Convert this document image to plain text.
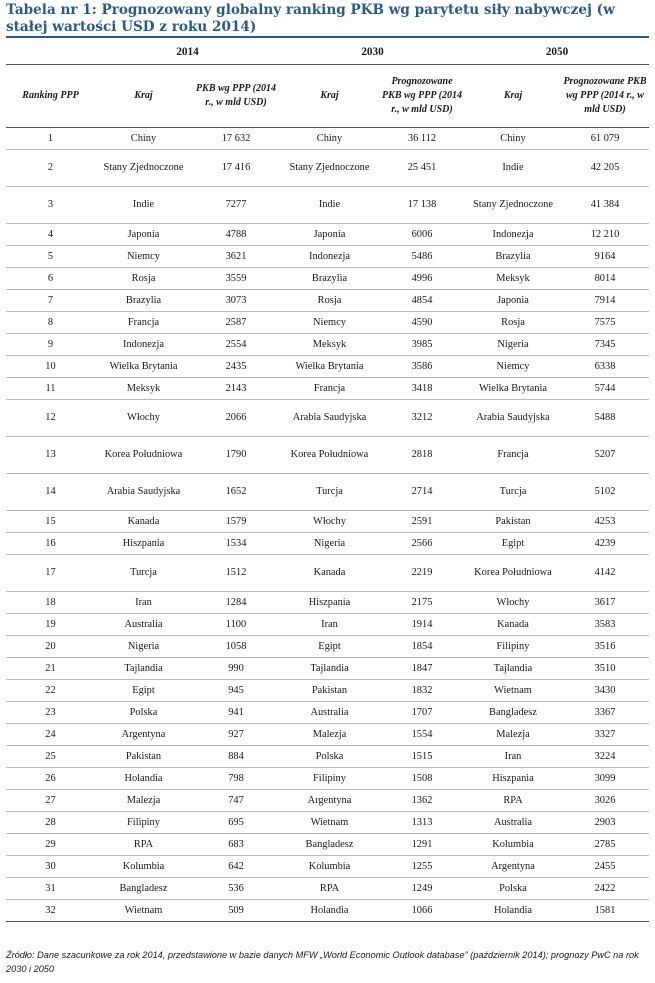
Tabela nr 1: Prognozowany globalny ranking PKB wg parytetu siły nabywczej (w stałej wartości USD z roku 2014)
	2014		2030		2050	
Ranking PPP	Kraj	PKB wg PPP (2014 r., w mld USD)	Kraj	Prognozowane PKB wg PPP (2014 r., w mld USD)	Kraj	Prognozowane PKB wg PPP (2014 r., w mld USD)
1	Chiny	17 632	Chiny	36 112	Chiny	61 079
2	Stany Zjednoczone	17 416	Stany Zjednoczone	25 451	Indie	42 205
3	Indie	7277	Indie	17 138	Stany Zjednoczone	41 384
4	Japonia	4788	Japonia	6006	Indonezja	12 210
5	Niemcy	3621	Indonezja	5486	Brazylia	9164
6	Rosja	3559	Brazylia	4996	Meksyk	8014
7	Brazylia	3073	Rosja	4854	Japonia	7914
8	Francja	2587	Niemcy	4590	Rosja	7575
9	Indonezja	2554	Meksyk	3985	Nigeria	7345
10	Wielka Brytania	2435	Wielka Brytania	3586	Niemcy	6338
11	Meksyk	2143	Francja	3418	Wielka Brytania	5744
12	Włochy	2066	Arabia Saudyjska	3212	Arabia Saudyjska	5488
13	Korea Południowa	1790	Korea Południowa	2818	Francja	5207
14	Arabia Saudyjska	1652	Turcja	2714	Turcja	5102
15	Kanada	1579	Włochy	2591	Pakistan	4253
16	Hiszpania	1534	Nigeria	2566	Egipt	4239
17	Turcja	1512	Kanada	2219	Korea Południowa	4142
18	Iran	1284	Hiszpania	2175	Włochy	3617
19	Australia	1100	Iran	1914	Kanada	3583
20	Nigeria	1058	Egipt	1854	Filipiny	3516
21	Tajlandia	990	Tajlandia	1847	Tajlandia	3510
22	Egipt	945	Pakistan	1832	Wietnam	3430
23	Polska	941	Australia	1707	Bangladesz	3367
24	Argentyna	927	Malezja	1554	Malezja	3327
25	Pakistan	884	Polska	1515	Iran	3224
26	Holandia	798	Filipiny	1508	Hiszpania	3099
27	Malezja	747	Argentyna	1362	RPA	3026
28	Filipiny	695	Wietnam	1313	Australia	2903
29	RPA	683	Bangladesz	1291	Kolumbia	2785
30	Kolumbia	642	Kolumbia	1255	Argentyna	2455
31	Bangladesz	536	RPA	1249	Polska	2422
32	Wietnam	509	Holandia	1066	Holandia	1581
Źródło: Dane szacunkowe za rok 2014, przedstawione w bazie danych MFW „World Economic Outlook database” (październik 2014); prognozy PwC na rok 2030 i 2050
